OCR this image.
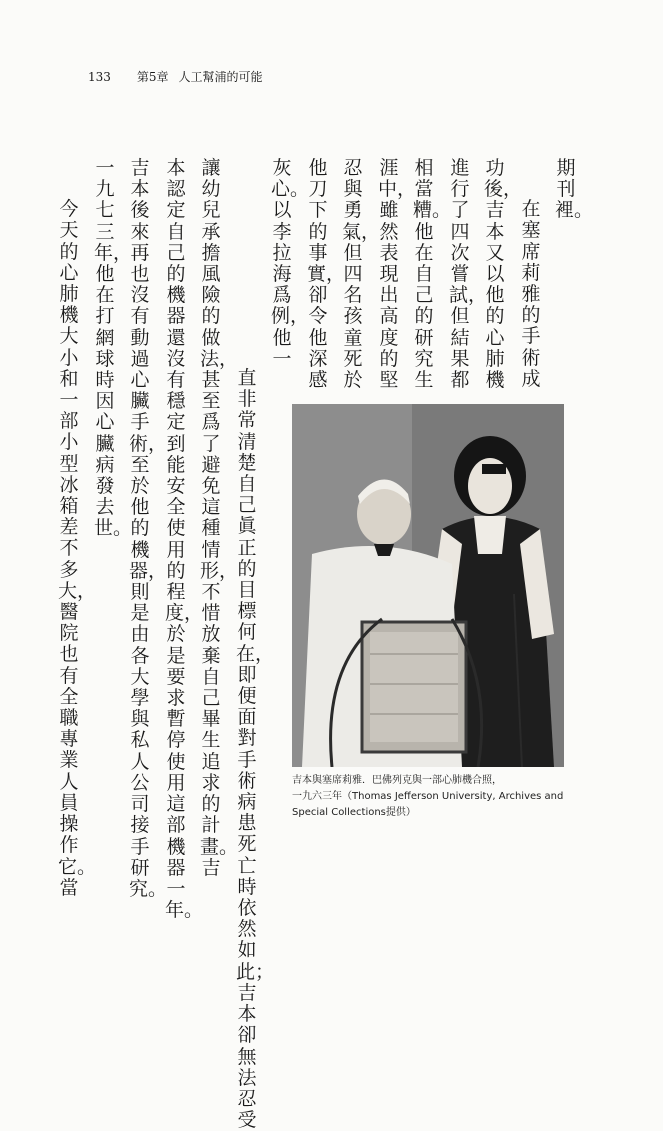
133 第5章 人工幫浦的可能
期刊裡。
　在塞席莉雅的手術成
功後，吉本又以他的心肺機
進行了四次嘗試，但結果都
相當糟。他在自己的研究生
涯中，雖然表現出高度的堅
忍與勇氣，但四名孩童死於
他刀下的事實，卻令他深感
灰心。以李拉海爲例，他一
直非常清楚自己眞正的目標何在，即便面對手術病患死亡時依然如此；吉本卻無法忍受
讓幼兒承擔風險的做法，甚至爲了避免這種情形，不惜放棄自己畢生追求的計畫。吉
本認定自己的機器還沒有穩定到能安全使用的程度，於是要求暫停使用這部機器一年。
吉本後來再也沒有動過心臟手術，至於他的機器，則是由各大學與私人公司接手研究。
一九七三年，他在打網球時因心臟病發去世。
　今天的心肺機大小和一部小型冰箱差不多大，醫院也有全職專業人員操作它。當
吉本與塞席莉雅．巴佛列克與一部心肺機合照，
一九六三年（Thomas Jefferson University, Archives and
Special Collections提供）
